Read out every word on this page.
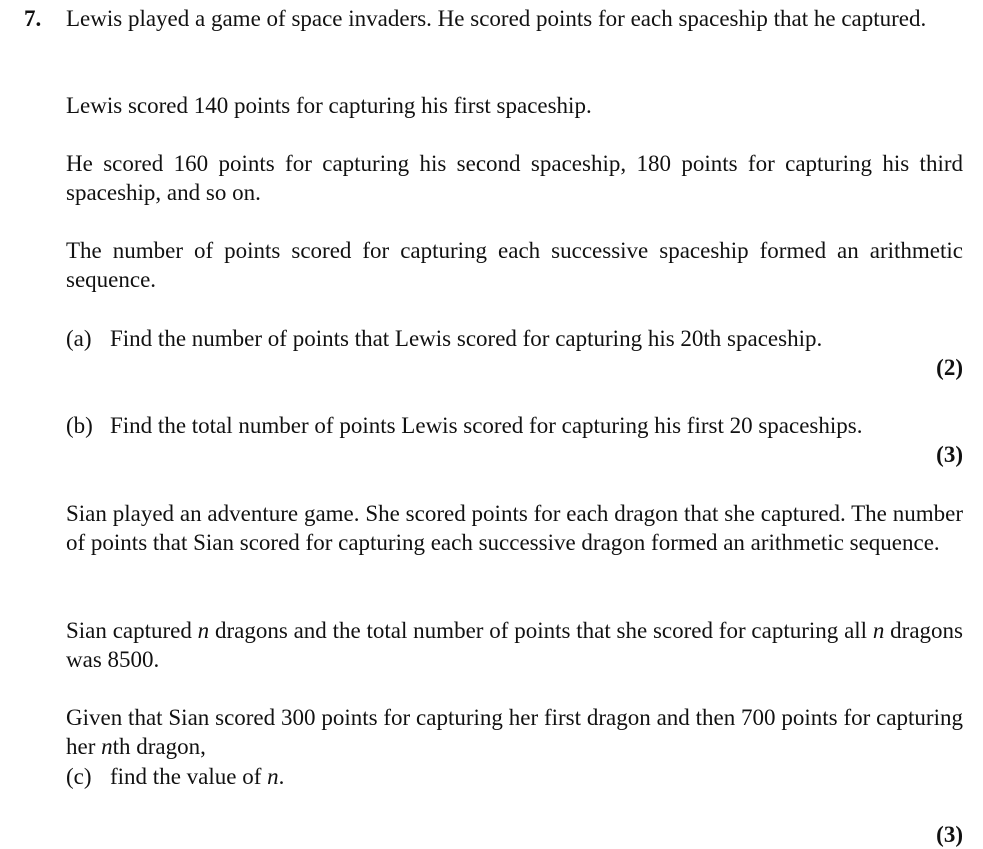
7. Lewis played a game of space invaders. He scored points for each spaceship that he captured.

Lewis scored 140 points for capturing his first spaceship.

He scored 160 points for capturing his second spaceship, 180 points for capturing his third spaceship, and so on.

The number of points scored for capturing each successive spaceship formed an arithmetic sequence.

(a) Find the number of points that Lewis scored for capturing his 20th spaceship.
(2)
(b) Find the total number of points Lewis scored for capturing his first 20 spaceships.
(3)

Sian played an adventure game. She scored points for each dragon that she captured. The number of points that Sian scored for capturing each successive dragon formed an arithmetic sequence.

Sian captured n dragons and the total number of points that she scored for capturing all n dragons was 8500.

Given that Sian scored 300 points for capturing her first dragon and then 700 points for capturing her nth dragon,

(c) find the value of n.
(3)
